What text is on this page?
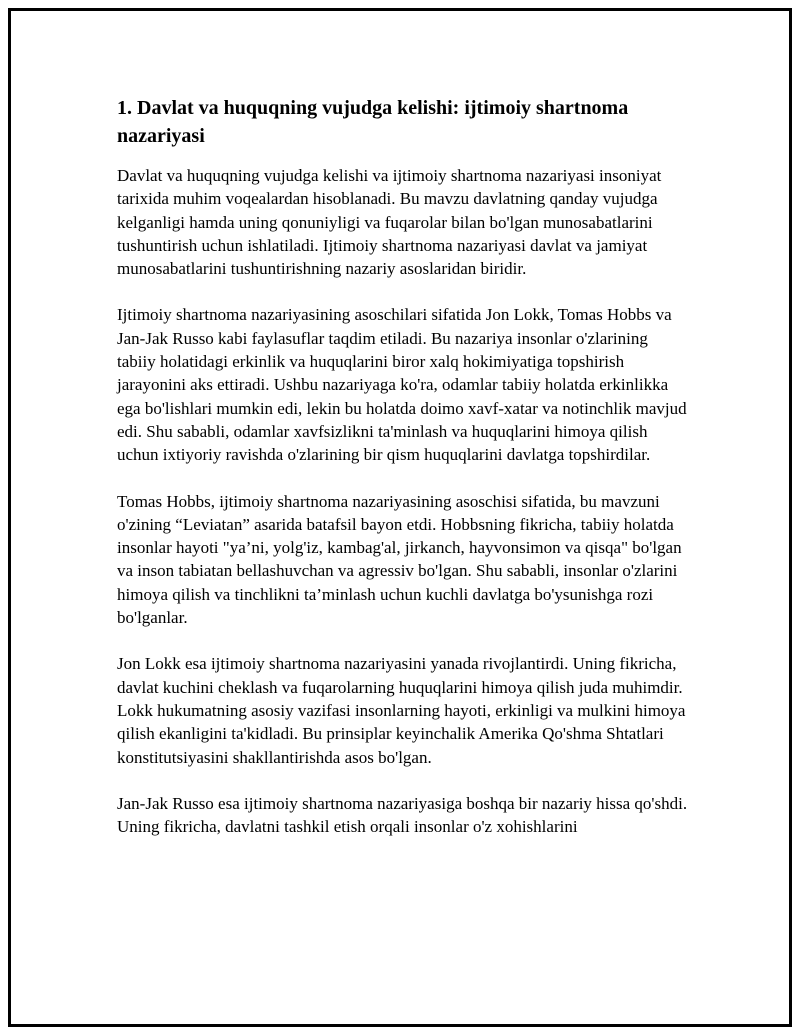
1. Davlat va huquqning vujudga kelishi: ijtimoiy shartnoma nazariyasi

Davlat va huquqning vujudga kelishi va ijtimoiy shartnoma nazariyasi insoniyat tarixida muhim voqealardan hisoblanadi. Bu mavzu davlatning qanday vujudga kelganligi hamda uning qonuniyligi va fuqarolar bilan bo'lgan munosabatlarini tushuntirish uchun ishlatiladi. Ijtimoiy shartnoma nazariyasi davlat va jamiyat munosabatlarini tushuntirishning nazariy asoslaridan biridir.

Ijtimoiy shartnoma nazariyasining asoschilari sifatida Jon Lokk, Tomas Hobbs va Jan-Jak Russo kabi faylasuflar taqdim etiladi. Bu nazariya insonlar o'zlarining tabiiy holatidagi erkinlik va huquqlarini biror xalq hokimiyatiga topshirish jarayonini aks ettiradi. Ushbu nazariyaga ko'ra, odamlar tabiiy holatda erkinlikka ega bo'lishlari mumkin edi, lekin bu holatda doimo xavf-xatar va notinchlik mavjud edi. Shu sababli, odamlar xavfsizlikni ta'minlash va huquqlarini himoya qilish uchun ixtiyoriy ravishda o'zlarining bir qism huquqlarini davlatga topshirdilar.

Tomas Hobbs, ijtimoiy shartnoma nazariyasining asoschisi sifatida, bu mavzuni o'zining “Leviatan” asarida batafsil bayon etdi. Hobbsning fikricha, tabiiy holatda insonlar hayoti "ya’ni, yolg'iz, kambag'al, jirkanch, hayvonsimon va qisqa" bo'lgan va inson tabiatan bellashuvchan va agressiv bo'lgan. Shu sababli, insonlar o'zlarini himoya qilish va tinchlikni ta’minlash uchun kuchli davlatga bo'ysunishga rozi bo'lganlar.

Jon Lokk esa ijtimoiy shartnoma nazariyasini yanada rivojlantirdi. Uning fikricha, davlat kuchini cheklash va fuqarolarning huquqlarini himoya qilish juda muhimdir. Lokk hukumatning asosiy vazifasi insonlarning hayoti, erkinligi va mulkini himoya qilish ekanligini ta'kidladi. Bu prinsiplar keyinchalik Amerika Qo'shma Shtatlari konstitutsiyasini shakllantirishda asos bo'lgan.

Jan-Jak Russo esa ijtimoiy shartnoma nazariyasiga boshqa bir nazariy hissa qo'shdi. Uning fikricha, davlatni tashkil etish orqali insonlar o'z xohishlarini
